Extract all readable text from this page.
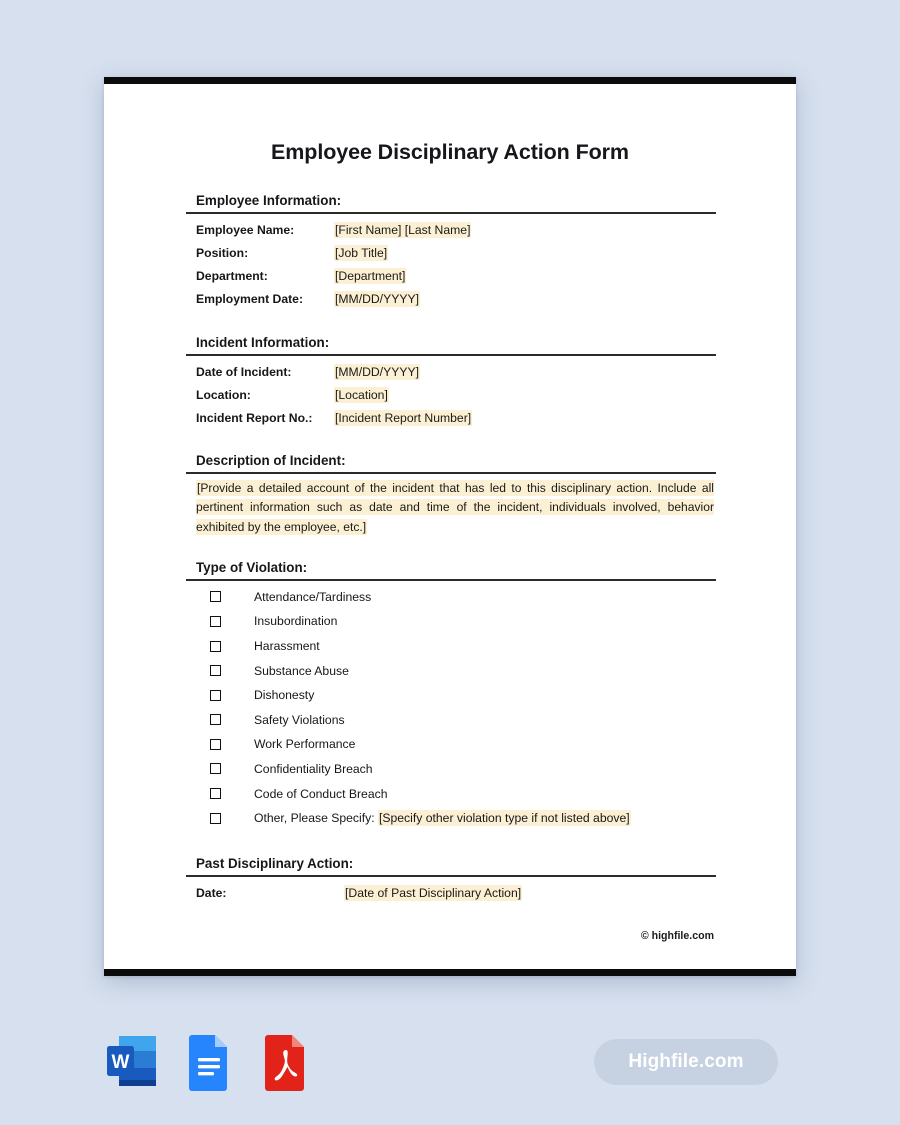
Employee Disciplinary Action Form
Employee Information:
Employee Name:	[First Name] [Last Name]
Position:	[Job Title]
Department:	[Department]
Employment Date:	[MM/DD/YYYY]
Incident Information:
Date of Incident:	[MM/DD/YYYY]
Location:	[Location]
Incident Report No.:	[Incident Report Number]
Description of Incident:

[Provide a detailed account of the incident that has led to this disciplinary action. Include all pertinent information such as date and time of the incident, individuals involved, behavior exhibited by the employee, etc.]

Type of Violation:
Attendance/Tardiness
Insubordination
Harassment
Substance Abuse
Dishonesty
Safety Violations
Work Performance
Confidentiality Breach
Code of Conduct Breach
Other, Please Specify: [Specify other violation type if not listed above]
Past Disciplinary Action:
Date:	[Date of Past Disciplinary Action]
© highfile.com
W	Highfile.com
